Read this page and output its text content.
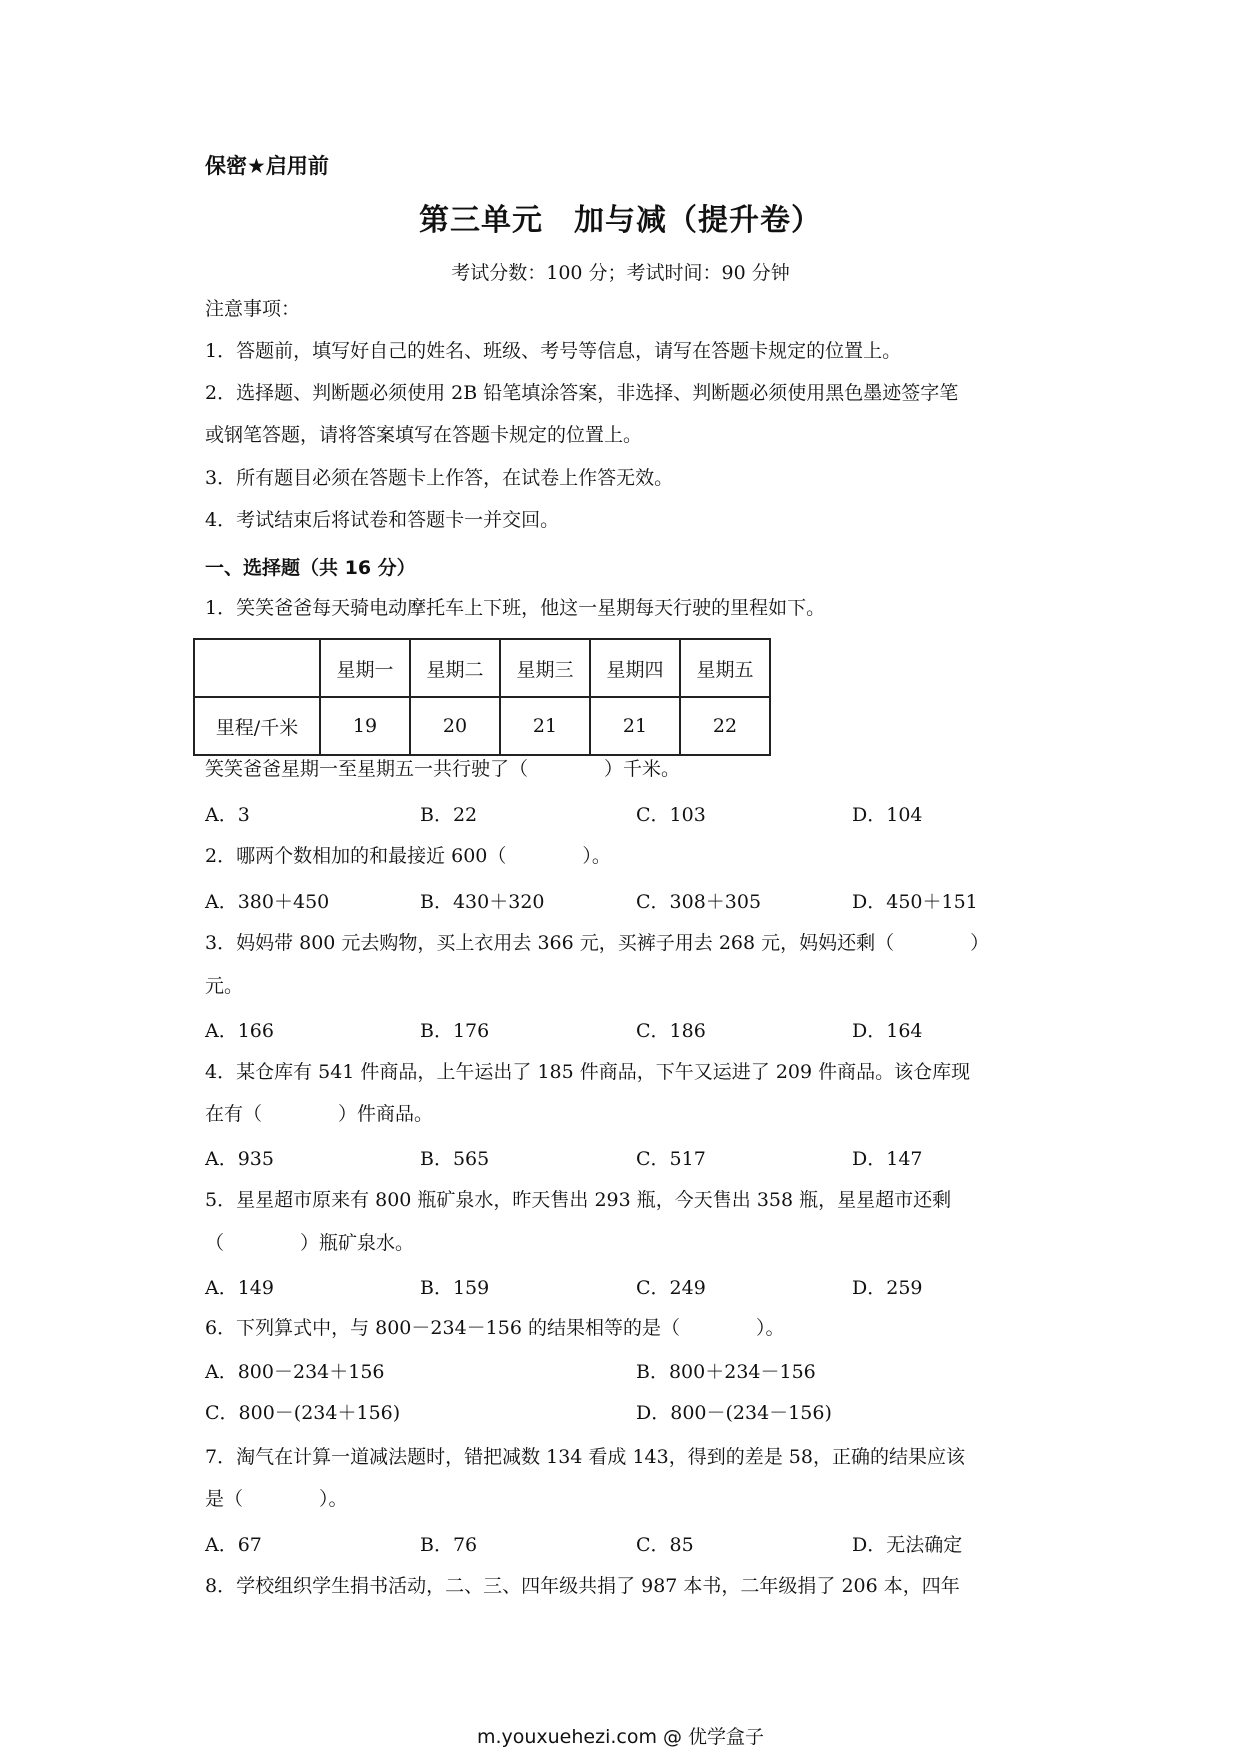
保密★启用前
第三单元　加与减（提升卷）
考试分数：100 分；考试时间：90 分钟
注意事项：
1．答题前，填写好自己的姓名、班级、考号等信息，请写在答题卡规定的位置上。
2．选择题、判断题必须使用 2B 铅笔填涂答案，非选择、判断题必须使用黑色墨迹签字笔
或钢笔答题，请将答案填写在答题卡规定的位置上。
3．所有题目必须在答题卡上作答，在试卷上作答无效。
4．考试结束后将试卷和答题卡一并交回。
一、选择题（共 16 分）
1．笑笑爸爸每天骑电动摩托车上下班，他这一星期每天行驶的里程如下。
	星期一	星期二	星期三	星期四	星期五
里程/千米	19	20	21	21	22
笑笑爸爸星期一至星期五一共行驶了（　　　　）千米。
A．3	B．22	C．103	D．104
2．哪两个数相加的和最接近 600（　　　　）。
A．380＋450	B．430＋320	C．308＋305	D．450＋151
3．妈妈带 800 元去购物，买上衣用去 366 元，买裤子用去 268 元，妈妈还剩（　　　　）
元。
A．166	B．176	C．186	D．164
4．某仓库有 541 件商品，上午运出了 185 件商品，下午又运进了 209 件商品。该仓库现
在有（　　　　）件商品。
A．935	B．565	C．517	D．147
5．星星超市原来有 800 瓶矿泉水，昨天售出 293 瓶，今天售出 358 瓶，星星超市还剩
（　　　　）瓶矿泉水。
A．149	B．159	C．249	D．259
6．下列算式中，与 800－234－156 的结果相等的是（　　　　）。
A．800－234＋156	B．800＋234－156
C．800－(234＋156)	D．800－(234－156)
7．淘气在计算一道减法题时，错把减数 134 看成 143，得到的差是 58，正确的结果应该
是（　　　　）。
A．67	B．76	C．85	D．无法确定
8．学校组织学生捐书活动，二、三、四年级共捐了 987 本书，二年级捐了 206 本，四年
m.youxuehezi.com @ 优学盒子
